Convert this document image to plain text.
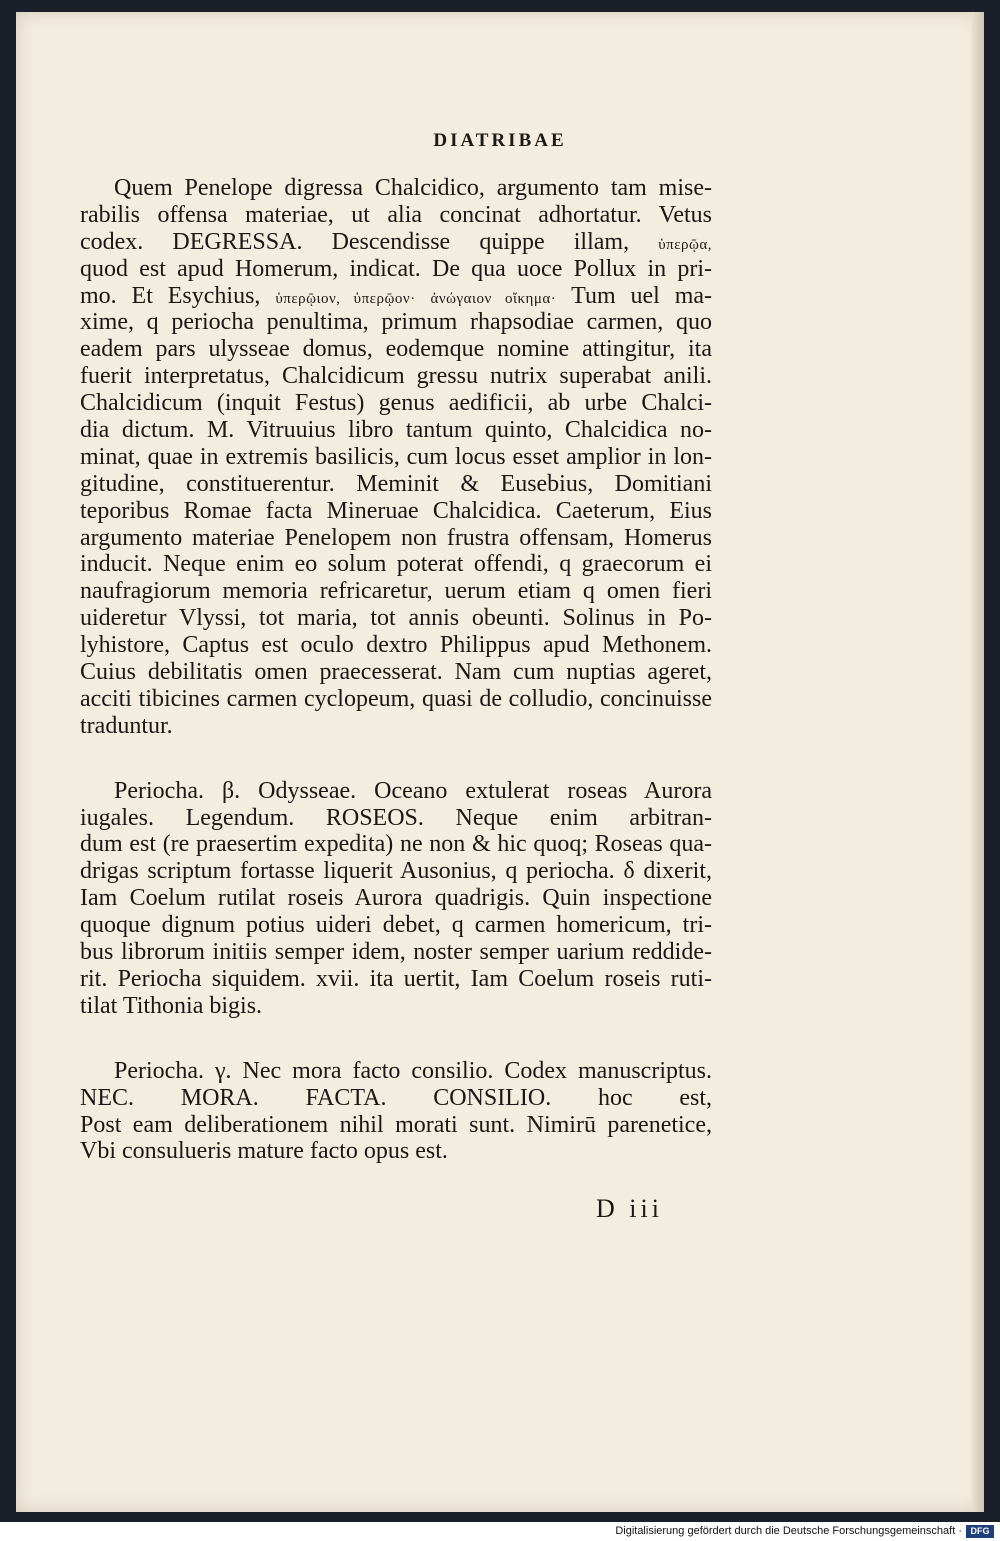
DIATRIBAE
Quem Penelope digressa Chalcidico, argumento tam mise-
rabilis offensa materiae, ut alia concinat adhortatur. Vetus
codex. DEGRESSA. Descendisse quippe illam, ὑπερῷα,
quod est apud Homerum, indicat. De qua uoce Pollux in pri-
mo. Et Esychius, ὑπερῷιον, ὑπερῷον· ἀνώγαιον οἴκημα· Tum uel ma-
xime, q periocha penultima, primum rhapsodiae carmen, quo
eadem pars ulysseae domus, eodemque nomine attingitur, ita
fuerit interpretatus, Chalcidicum gressu nutrix superabat anili.
Chalcidicum (inquit Festus) genus aedificii, ab urbe Chalci-
dia dictum. M. Vitruuius libro tantum quinto, Chalcidica no-
minat, quae in extremis basilicis, cum locus esset amplior in lon-
gitudine, constituerentur. Meminit & Eusebius, Domitiani
teporibus Romae facta Mineruae Chalcidica. Caeterum, Eius
argumento materiae Penelopem non frustra offensam, Homerus
inducit. Neque enim eo solum poterat offendi, q graecorum ei
naufragiorum memoria refricaretur, uerum etiam q omen fieri
uideretur Vlyssi, tot maria, tot annis obeunti. Solinus in Po-
lyhistore, Captus est oculo dextro Philippus apud Methonem.
Cuius debilitatis omen praecesserat. Nam cum nuptias ageret,
acciti tibicines carmen cyclopeum, quasi de colludio, concinuisse
traduntur.
Periocha. β. Odysseae. Oceano extulerat roseas Aurora
iugales. Legendum. ROSEOS. Neque enim arbitran-
dum est (re praesertim expedita) ne non & hic quoq; Roseas qua-
drigas scriptum fortasse liquerit Ausonius, q periocha. δ dixerit,
Iam Coelum rutilat roseis Aurora quadrigis. Quin inspectione
quoque dignum potius uideri debet, q carmen homericum, tri-
bus librorum initiis semper idem, noster semper uarium reddide-
rit. Periocha siquidem. xvii. ita uertit, Iam Coelum roseis ruti-
tilat Tithonia bigis.
Periocha. γ. Nec mora facto consilio. Codex manuscriptus.
NEC. MORA. FACTA. CONSILIO. hoc est,
Post eam deliberationem nihil morati sunt. Nimirū parenetice,
Vbi consulueris mature facto opus est.
D iii
Digitalisierung gefördert durch die Deutsche Forschungsgemeinschaft · DFG
